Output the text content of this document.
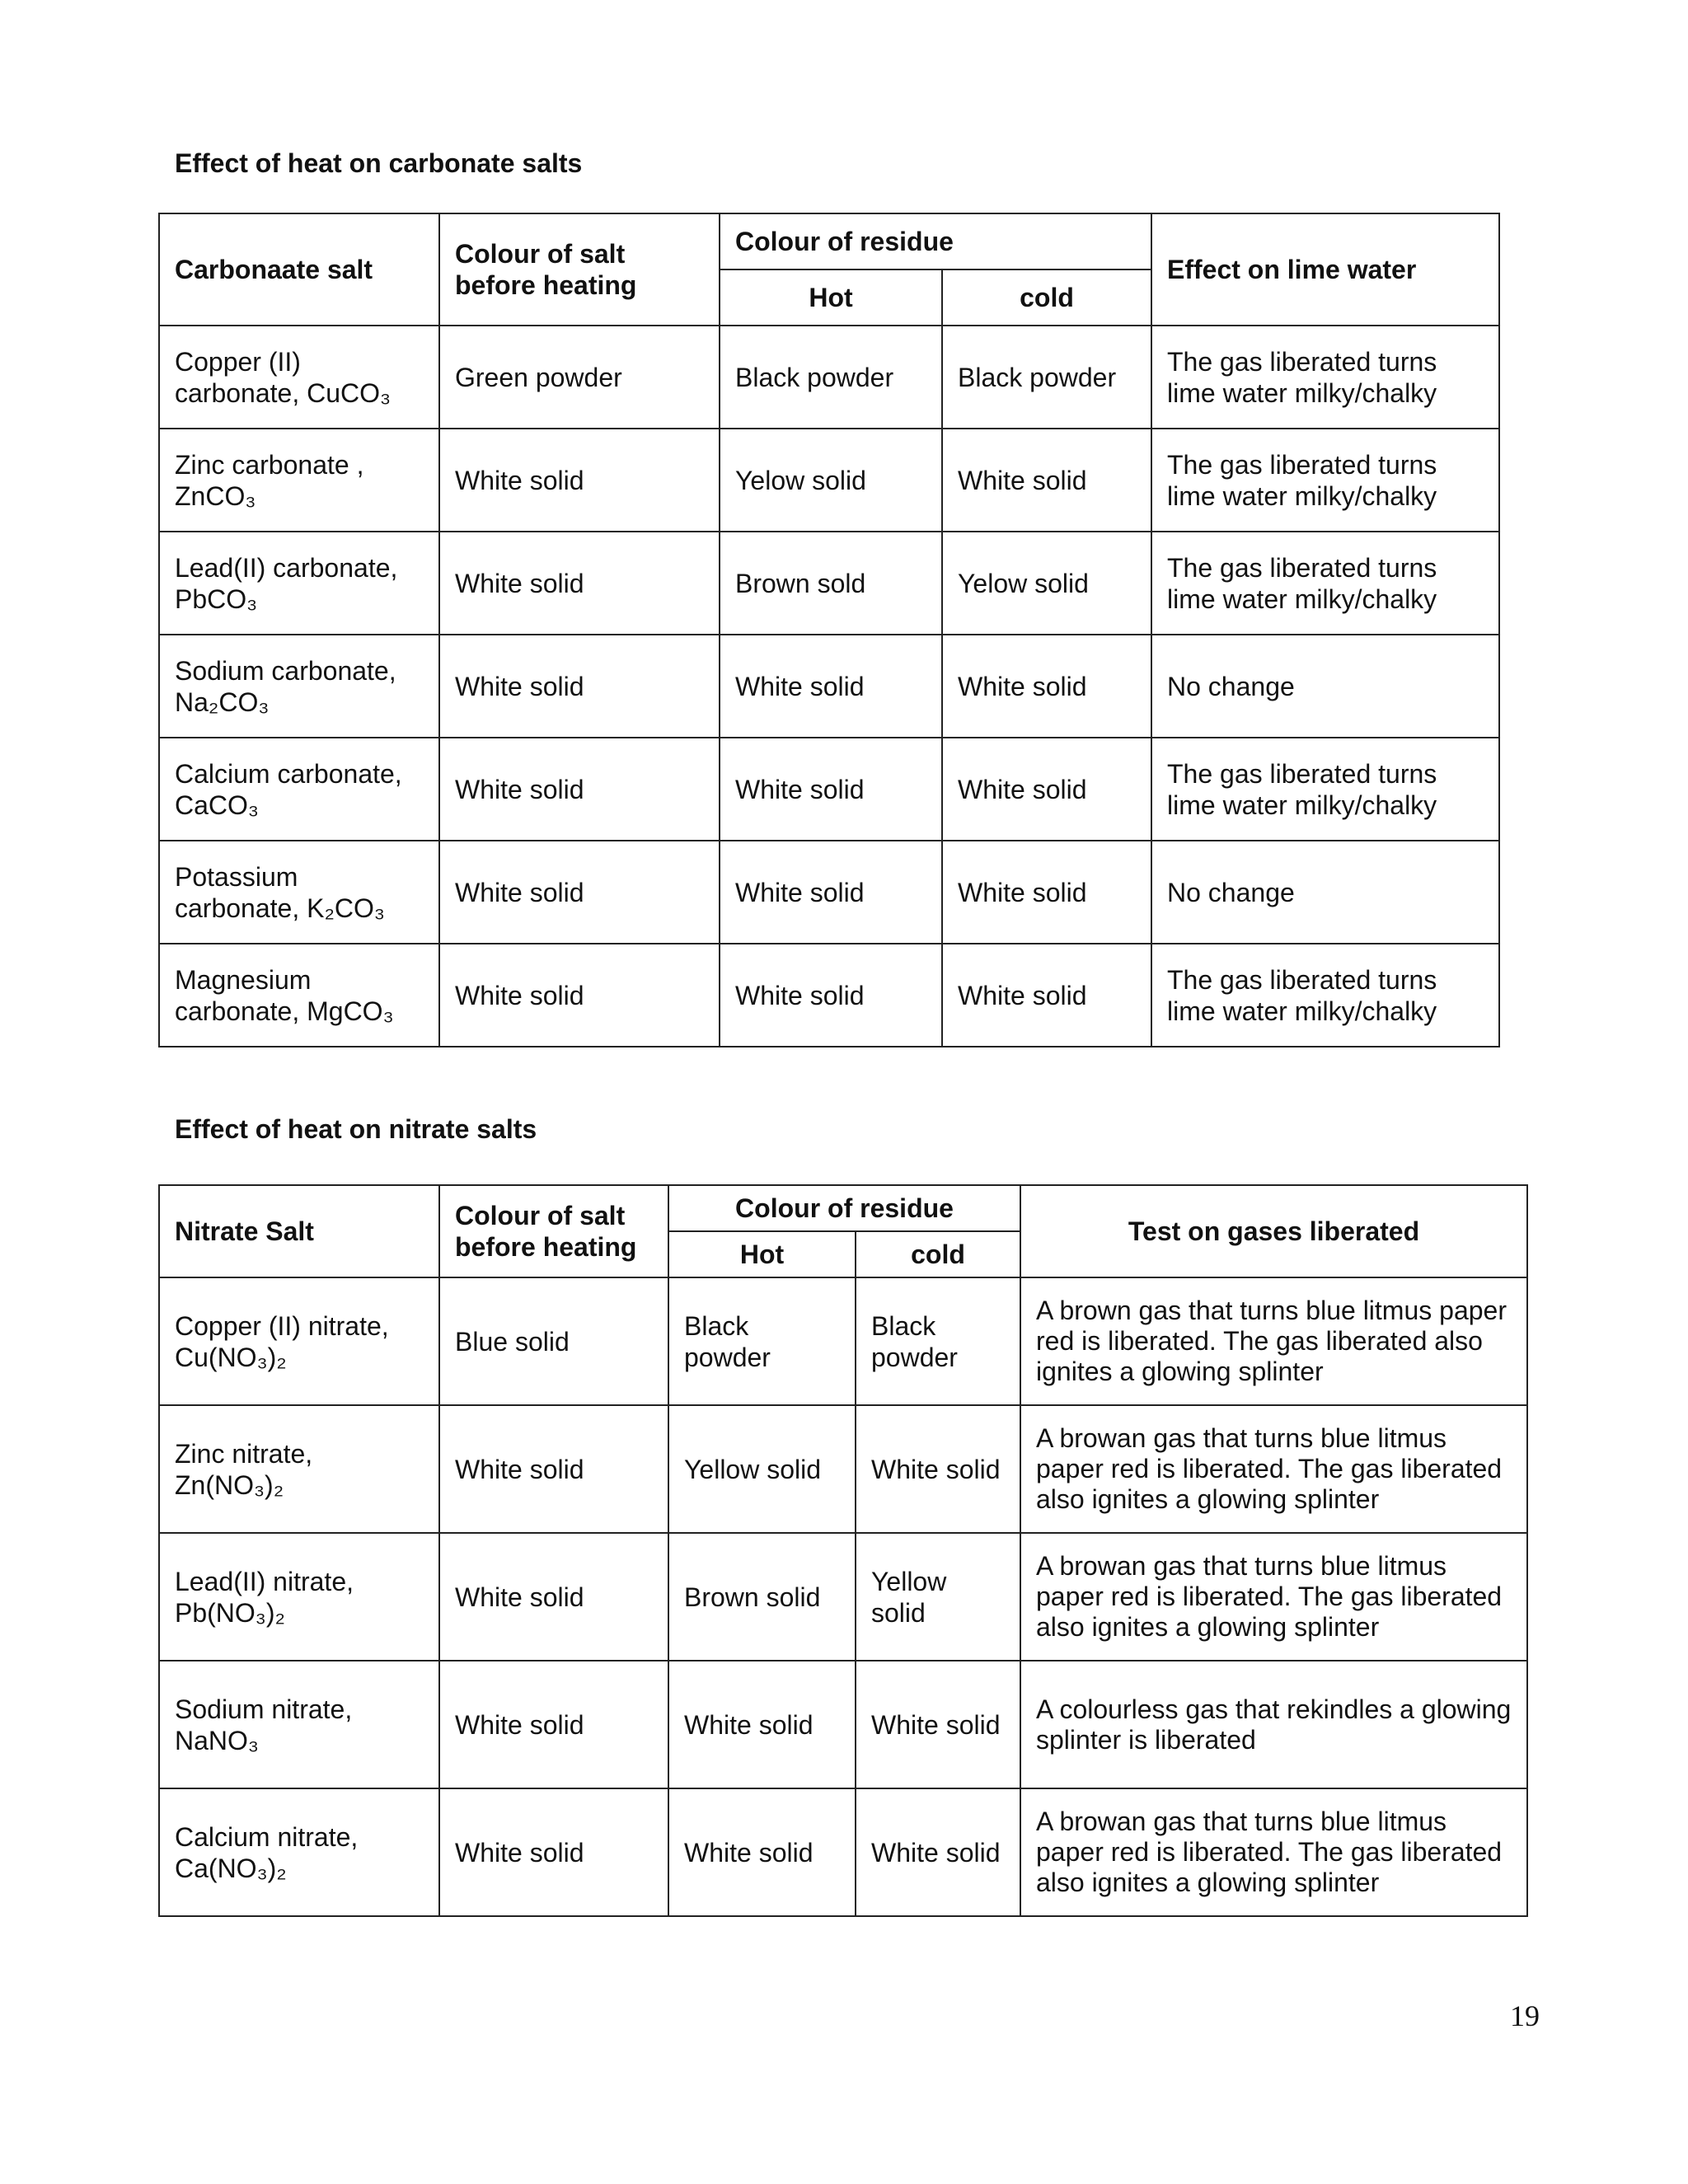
Effect of heat on carbonate salts
Carbonaate salt	Colour of salt before heating	Colour of residue		Effect on lime water
		Hot	cold	
Copper (II) carbonate, CuCO₃	Green powder	Black powder	Black powder	The gas liberated turns lime water milky/chalky
Zinc carbonate , ZnCO₃	White solid	Yelow solid	White solid	The gas liberated turns lime water milky/chalky
Lead(II) carbonate, PbCO₃	White solid	Brown sold	Yelow solid	The gas liberated turns lime water milky/chalky
Sodium carbonate, Na₂CO₃	White solid	White solid	White solid	No change
Calcium carbonate, CaCO₃	White solid	White solid	White solid	The gas liberated turns lime water milky/chalky
Potassium carbonate, K₂CO₃	White solid	White solid	White solid	No change
Magnesium carbonate, MgCO₃	White solid	White solid	White solid	The gas liberated turns lime water milky/chalky
Effect of heat on nitrate salts
Nitrate Salt	Colour of salt before heating	Colour of residue		Test on gases liberated
		Hot	cold	
Copper (II) nitrate, Cu(NO₃)₂	Blue solid	Black powder	Black powder	A brown gas that turns blue litmus paper red is liberated. The gas liberated also ignites a glowing splinter
Zinc nitrate, Zn(NO₃)₂	White solid	Yellow solid	White solid	A browan gas that turns blue litmus paper red is liberated. The gas liberated also ignites a glowing splinter
Lead(II) nitrate, Pb(NO₃)₂	White solid	Brown solid	Yellow solid	A browan gas that turns blue litmus paper red is liberated. The gas liberated also ignites a glowing splinter
Sodium nitrate, NaNO₃	White solid	White solid	White solid	A colourless gas that rekindles a glowing splinter is liberated
Calcium nitrate, Ca(NO₃)₂	White solid	White solid	White solid	A browan gas that turns blue litmus paper red is liberated. The gas liberated also ignites a glowing splinter

19
